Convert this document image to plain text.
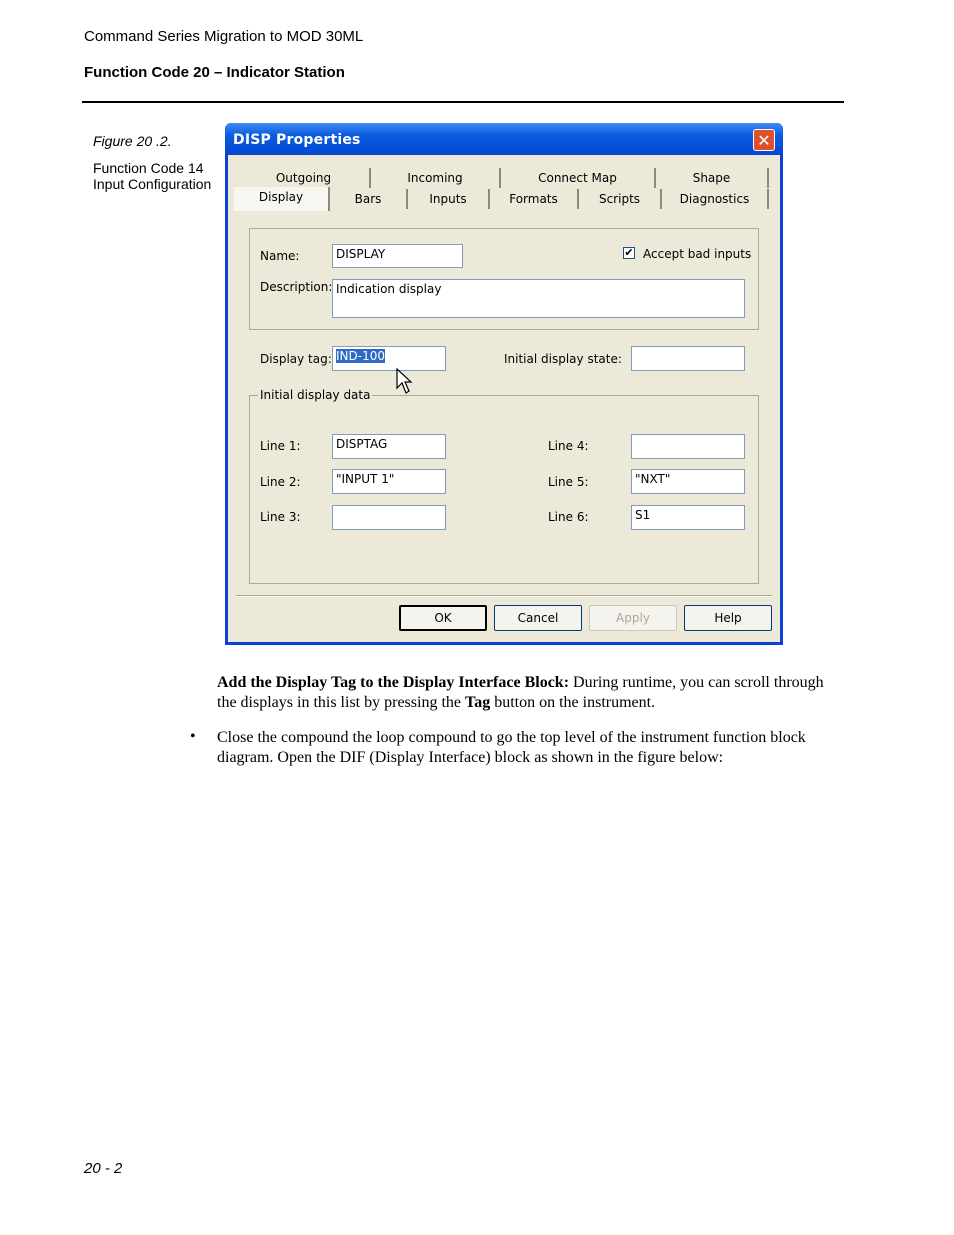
Command Series Migration to MOD 30ML
Function Code 20 – Indicator Station
Figure 20 .2.
Function Code 14 Input Configuration
DISP Properties	✕
Outgoing	Incoming	Connect Map	Shape
Display	Bars	Inputs	Formats	Scripts	Diagnostics
Name:	DISPLAY	✔ Accept bad inputs
Description: Indication display
Display tag: IND-100	Initial display state:
Initial display data
Line 1:	DISPTAG
Line 2:	"INPUT 1"
Line 3:
Line 4:
Line 5:	"NXT"
Line 6:	S1
OK	Cancel	Apply	Help
Add the Display Tag to the Display Interface Block: During runtime, you can scroll through the displays in this list by pressing the Tag button on the instrument.
• Close the compound the loop compound to go the top level of the instrument function block diagram. Open the DIF (Display Interface) block as shown in the figure below:
20 - 2
